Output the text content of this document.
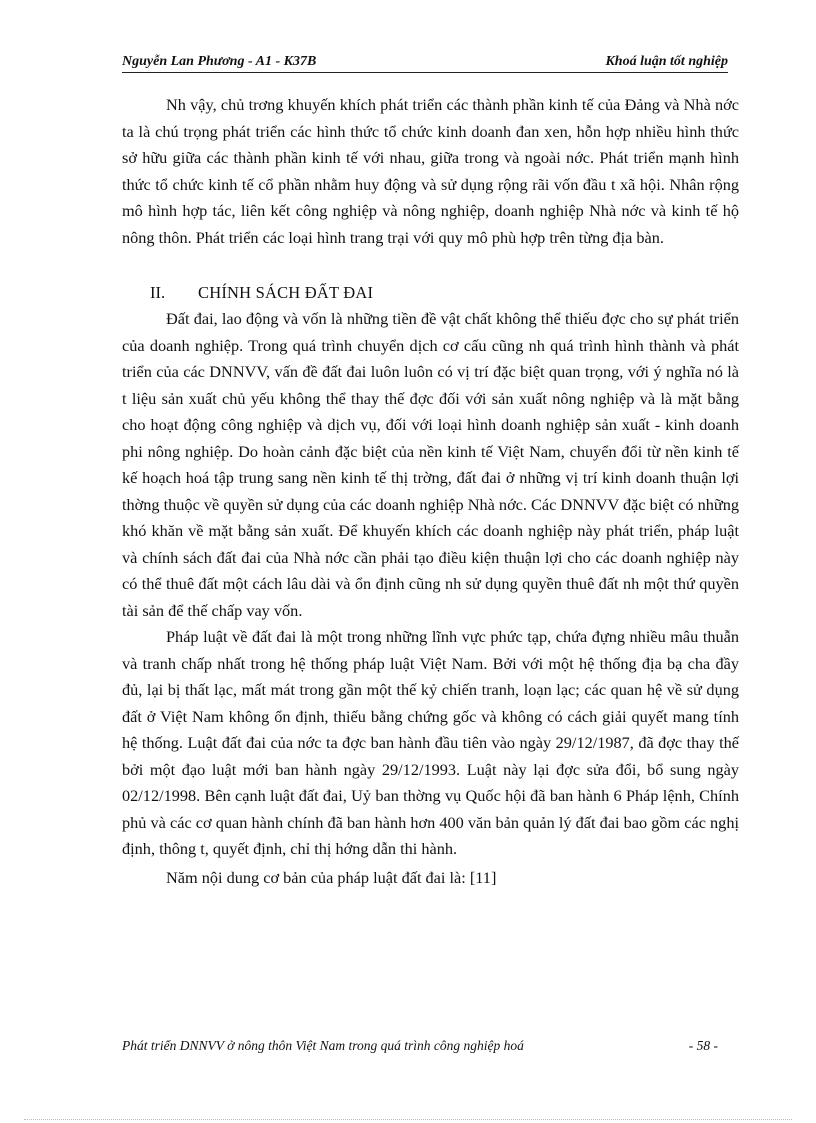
Nguyễn Lan Phương - A1 - K37B	Khoá luận tốt nghiệp

Nh vậy, chủ trơng khuyến khích phát triển các thành phần kinh tế của Đảng và Nhà nớc ta là chú trọng phát triển các hình thức tổ chức kinh doanh đan xen, hỗn hợp nhiều hình thức sở hữu giữa các thành phần kinh tế với nhau, giữa trong và ngoài nớc. Phát triển mạnh hình thức tổ chức kinh tế cổ phần nhằm huy động và sử dụng rộng rãi vốn đầu t xã hội. Nhân rộng mô hình hợp tác, liên kết công nghiệp và nông nghiệp, doanh nghiệp Nhà nớc và kinh tế hộ nông thôn. Phát triển các loại hình trang trại với quy mô phù hợp trên từng địa bàn.

II. CHÍNH SÁCH ĐẤT ĐAI

Đất đai, lao động và vốn là những tiền đề vật chất không thể thiếu đợc cho sự phát triển của doanh nghiệp. Trong quá trình chuyển dịch cơ cấu cũng nh quá trình hình thành và phát triển của các DNNVV, vấn đề đất đai luôn luôn có vị trí đặc biệt quan trọng, với ý nghĩa nó là t liệu sản xuất chủ yếu không thể thay thế đợc đối với sản xuất nông nghiệp và là mặt bằng cho hoạt động công nghiệp và dịch vụ, đối với loại hình doanh nghiệp sản xuất - kinh doanh phi nông nghiệp. Do hoàn cảnh đặc biệt của nền kinh tế Việt Nam, chuyển đổi từ nền kinh tế kế hoạch hoá tập trung sang nền kinh tế thị trờng, đất đai ở những vị trí kinh doanh thuận lợi thờng thuộc về quyền sử dụng của các doanh nghiệp Nhà nớc. Các DNNVV đặc biệt có những khó khăn về mặt bằng sản xuất. Để khuyến khích các doanh nghiệp này phát triển, pháp luật và chính sách đất đai của Nhà nớc cần phải tạo điều kiện thuận lợi cho các doanh nghiệp này có thể thuê đất một cách lâu dài và ổn định cũng nh sử dụng quyền thuê đất nh một thứ quyền tài sản để thế chấp vay vốn.

Pháp luật về đất đai là một trong những lĩnh vực phức tạp, chứa đựng nhiều mâu thuẫn và tranh chấp nhất trong hệ thống pháp luật Việt Nam. Bởi với một hệ thống địa bạ cha đầy đủ, lại bị thất lạc, mất mát trong gần một thế kỷ chiến tranh, loạn lạc; các quan hệ về sử dụng đất ở Việt Nam không ổn định, thiếu bằng chứng gốc và không có cách giải quyết mang tính hệ thống. Luật đất đai của nớc ta đợc ban hành đầu tiên vào ngày 29/12/1987, đã đợc thay thế bởi một đạo luật mới ban hành ngày 29/12/1993. Luật này lại đợc sửa đổi, bổ sung ngày 02/12/1998. Bên cạnh luật đất đai, Uỷ ban thờng vụ Quốc hội đã ban hành 6 Pháp lệnh, Chính phủ và các cơ quan hành chính đã ban hành hơn 400 văn bản quản lý đất đai bao gồm các nghị định, thông t, quyết định, chỉ thị hớng dẫn thi hành.

Năm nội dung cơ bản của pháp luật đất đai là: [11]

Phát triển DNNVV ở nông thôn Việt Nam trong quá trình công nghiệp hoá	- 58 -
